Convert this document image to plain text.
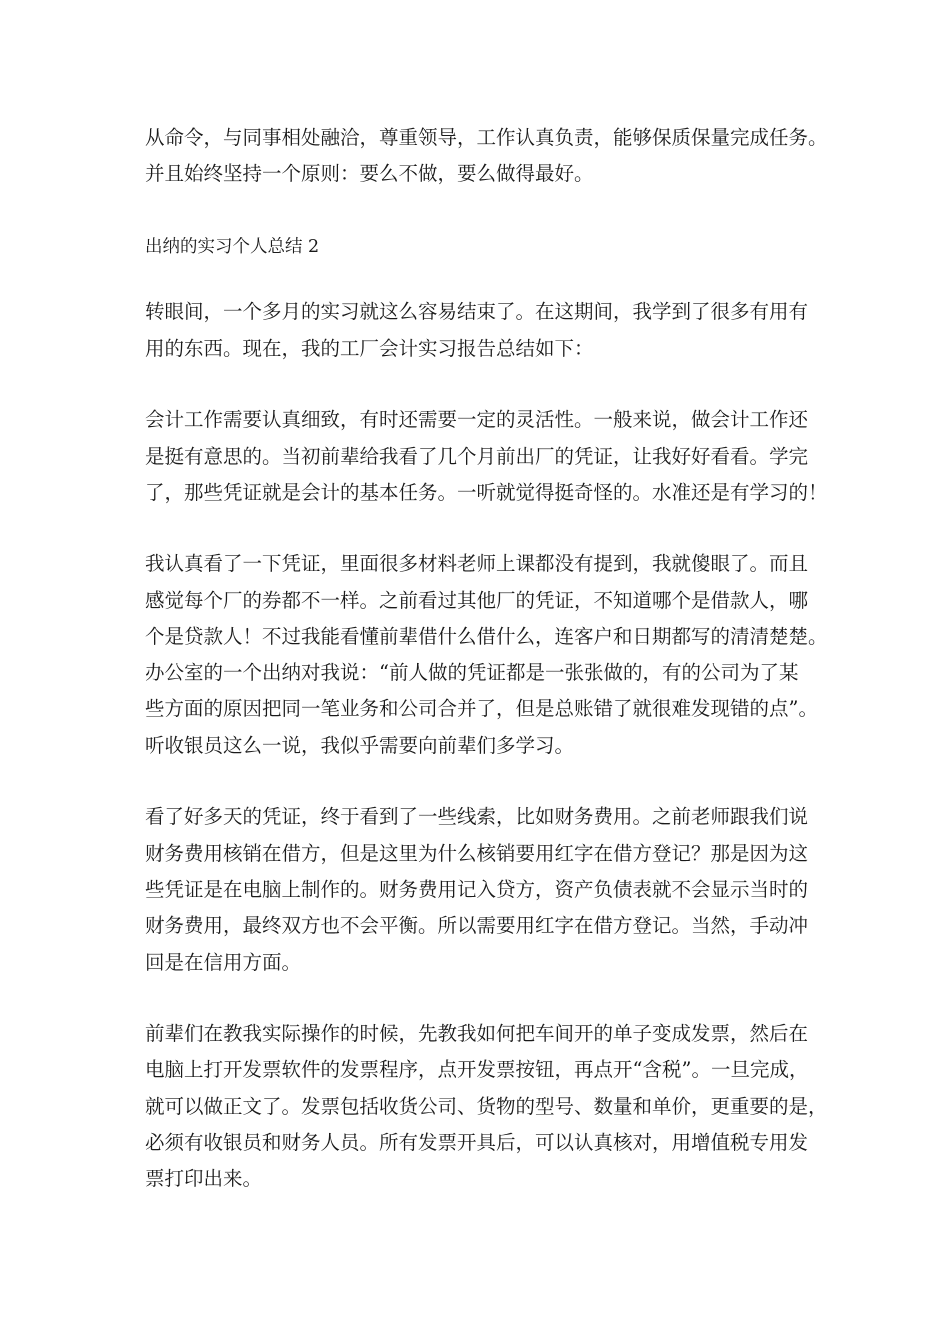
从命令，与同事相处融洽，尊重领导，工作认真负责，能够保质保量完成任务。
并且始终坚持一个原则：要么不做，要么做得最好。
出纳的实习个人总结 2
转眼间，一个多月的实习就这么容易结束了。在这期间，我学到了很多有用有
用的东西。现在，我的工厂会计实习报告总结如下：
会计工作需要认真细致，有时还需要一定的灵活性。一般来说，做会计工作还
是挺有意思的。当初前辈给我看了几个月前出厂的凭证，让我好好看看。学完
了，那些凭证就是会计的基本任务。一听就觉得挺奇怪的。水准还是有学习的！
我认真看了一下凭证，里面很多材料老师上课都没有提到，我就傻眼了。而且
感觉每个厂的券都不一样。之前看过其他厂的凭证，不知道哪个是借款人，哪
个是贷款人！不过我能看懂前辈借什么借什么，连客户和日期都写的清清楚楚。
办公室的一个出纳对我说：“前人做的凭证都是一张张做的，有的公司为了某
些方面的原因把同一笔业务和公司合并了，但是总账错了就很难发现错的点”。
听收银员这么一说，我似乎需要向前辈们多学习。
看了好多天的凭证，终于看到了一些线索，比如财务费用。之前老师跟我们说
财务费用核销在借方，但是这里为什么核销要用红字在借方登记？那是因为这
些凭证是在电脑上制作的。财务费用记入贷方，资产负债表就不会显示当时的
财务费用，最终双方也不会平衡。所以需要用红字在借方登记。当然，手动冲
回是在信用方面。
前辈们在教我实际操作的时候，先教我如何把车间开的单子变成发票，然后在
电脑上打开发票软件的发票程序，点开发票按钮，再点开“含税”。一旦完成，
就可以做正文了。发票包括收货公司、货物的型号、数量和单价，更重要的是，
必须有收银员和财务人员。所有发票开具后，可以认真核对，用增值税专用发
票打印出来。
